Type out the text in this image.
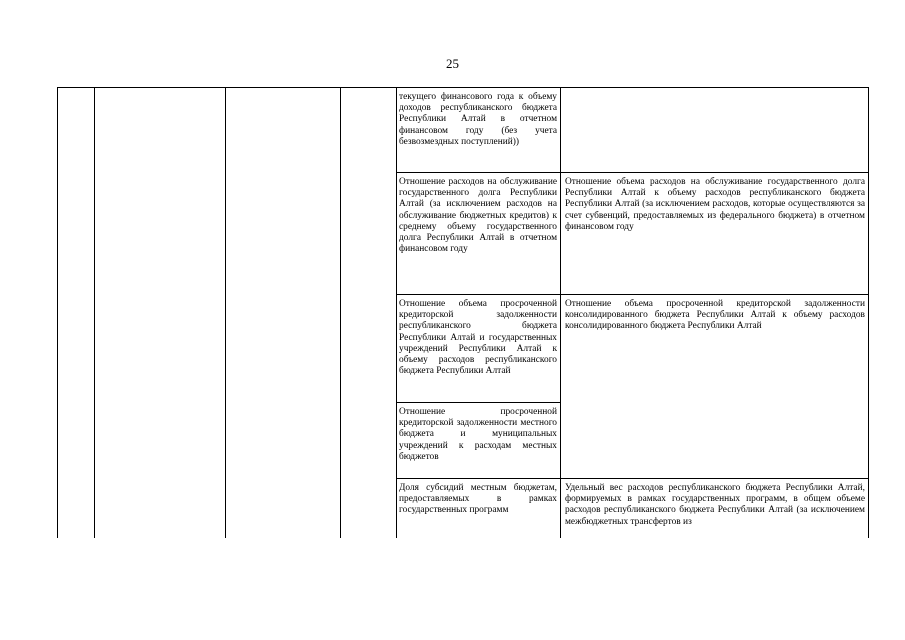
25
текущего финансового года к объему доходов республиканского бюджета Республики Алтай в отчетном финансовом году (без учета безвозмездных поступлений))
Отношение расходов на обслуживание государственного долга Республики Алтай (за исключением расходов на обслуживание бюджетных кредитов) к среднему объему государственного долга Республики Алтай в отчетном финансовом году
Отношение объема расходов на обслуживание государственного долга Республики Алтай к объему расходов республиканского бюджета Республики Алтай (за исключением расходов, которые осуществляются за счет субвенций, предоставляемых из федерального бюджета) в отчетном финансовом году
Отношение объема просроченной кредиторской задолженности республиканского бюджета Республики Алтай и государственных учреждений Республики Алтай к объему расходов республиканского бюджета Республики Алтай
Отношение объема просроченной кредиторской задолженности консолидированного бюджета Республики Алтай к объему расходов консолидированного бюджета Республики Алтай
Отношение просроченной кредиторской задолженности местного бюджета и муниципальных учреждений к расходам местных бюджетов
Доля субсидий местным бюджетам, предоставляемых в рамках государственных программ
Удельный вес расходов республиканского бюджета Республики Алтай, формируемых в рамках государственных программ, в общем объеме расходов республиканского бюджета Республики Алтай (за исключением межбюджетных трансфертов из
